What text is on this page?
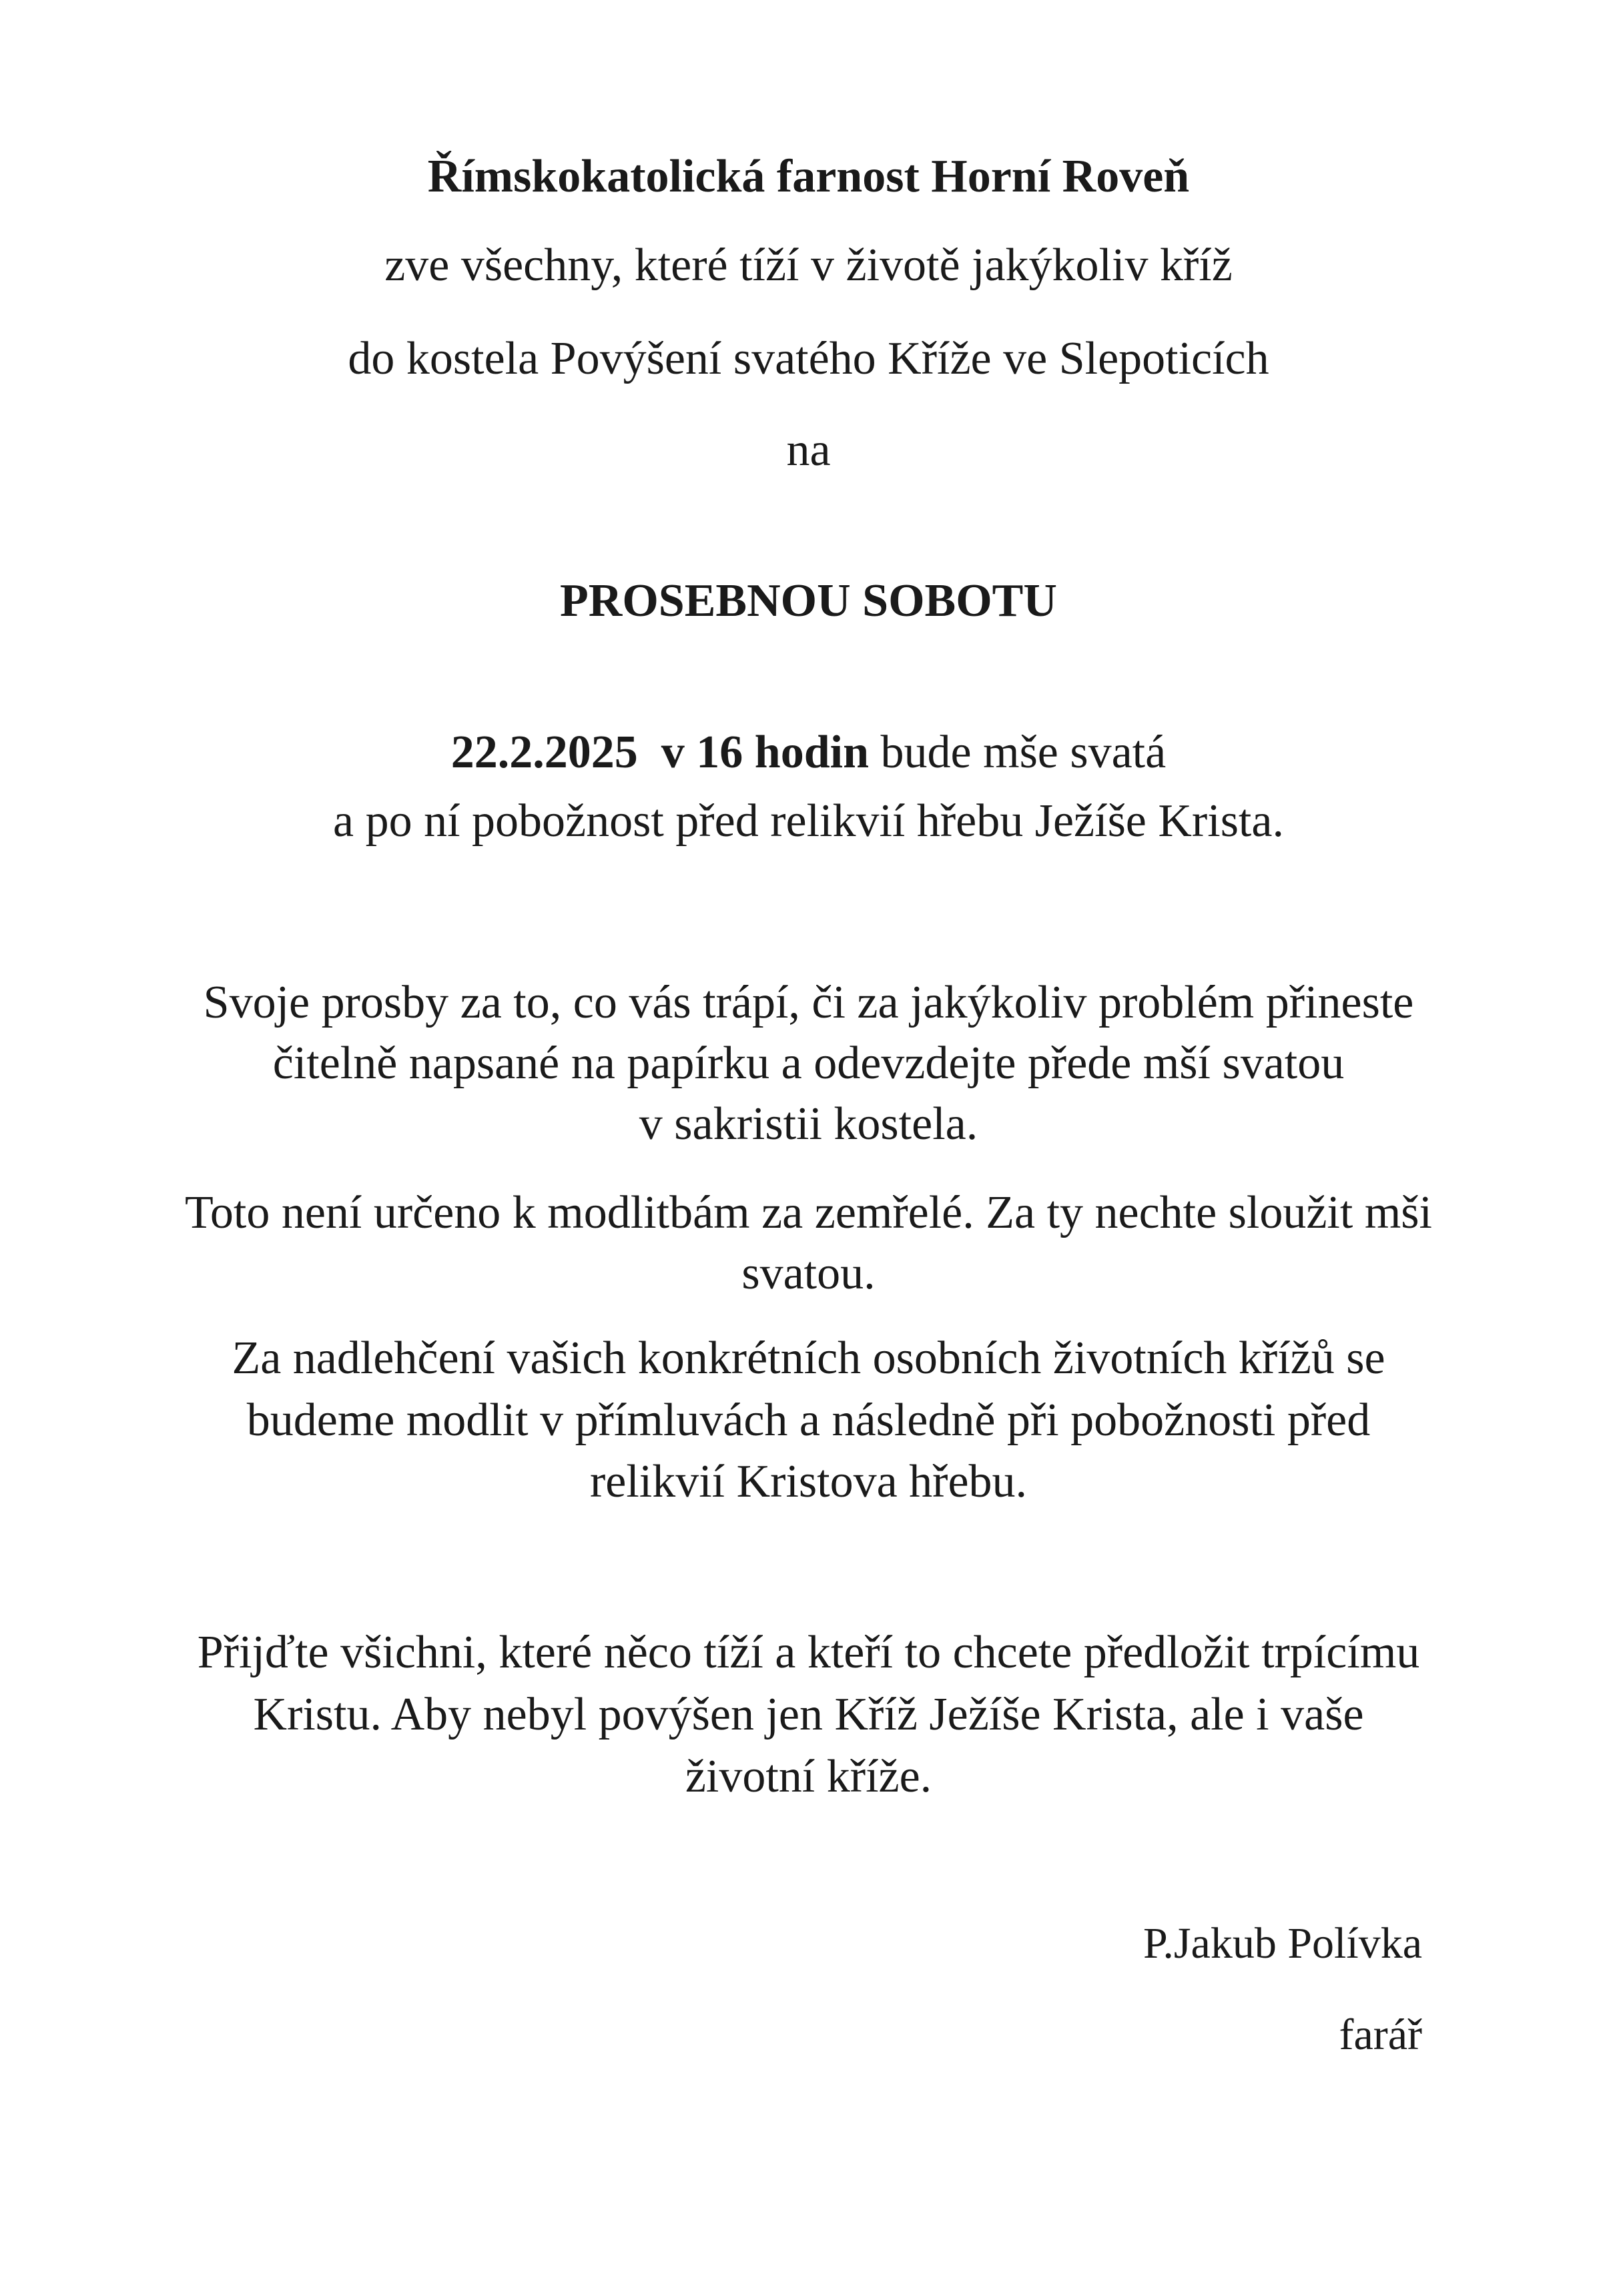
Římskokatolická farnost Horní Roveň
zve všechny, které tíží v životě jakýkoliv kříž
do kostela Povýšení svatého Kříže ve Slepoticích
na
PROSEBNOU SOBOTU
22.2.2025 v 16 hodin bude mše svatá
a po ní pobožnost před relikvií hřebu Ježíše Krista.
Svoje prosby za to, co vás trápí, či za jakýkoliv problém přineste
čitelně napsané na papírku a odevzdejte přede mší svatou
v sakristii kostela.
Toto není určeno k modlitbám za zemřelé. Za ty nechte sloužit mši
svatou.
Za nadlehčení vašich konkrétních osobních životních křížů se
budeme modlit v přímluvách a následně při pobožnosti před
relikvií Kristova hřebu.
Přijďte všichni, které něco tíží a kteří to chcete předložit trpícímu
Kristu. Aby nebyl povýšen jen Kříž Ježíše Krista, ale i vaše
životní kříže.
P.Jakub Polívka
farář
